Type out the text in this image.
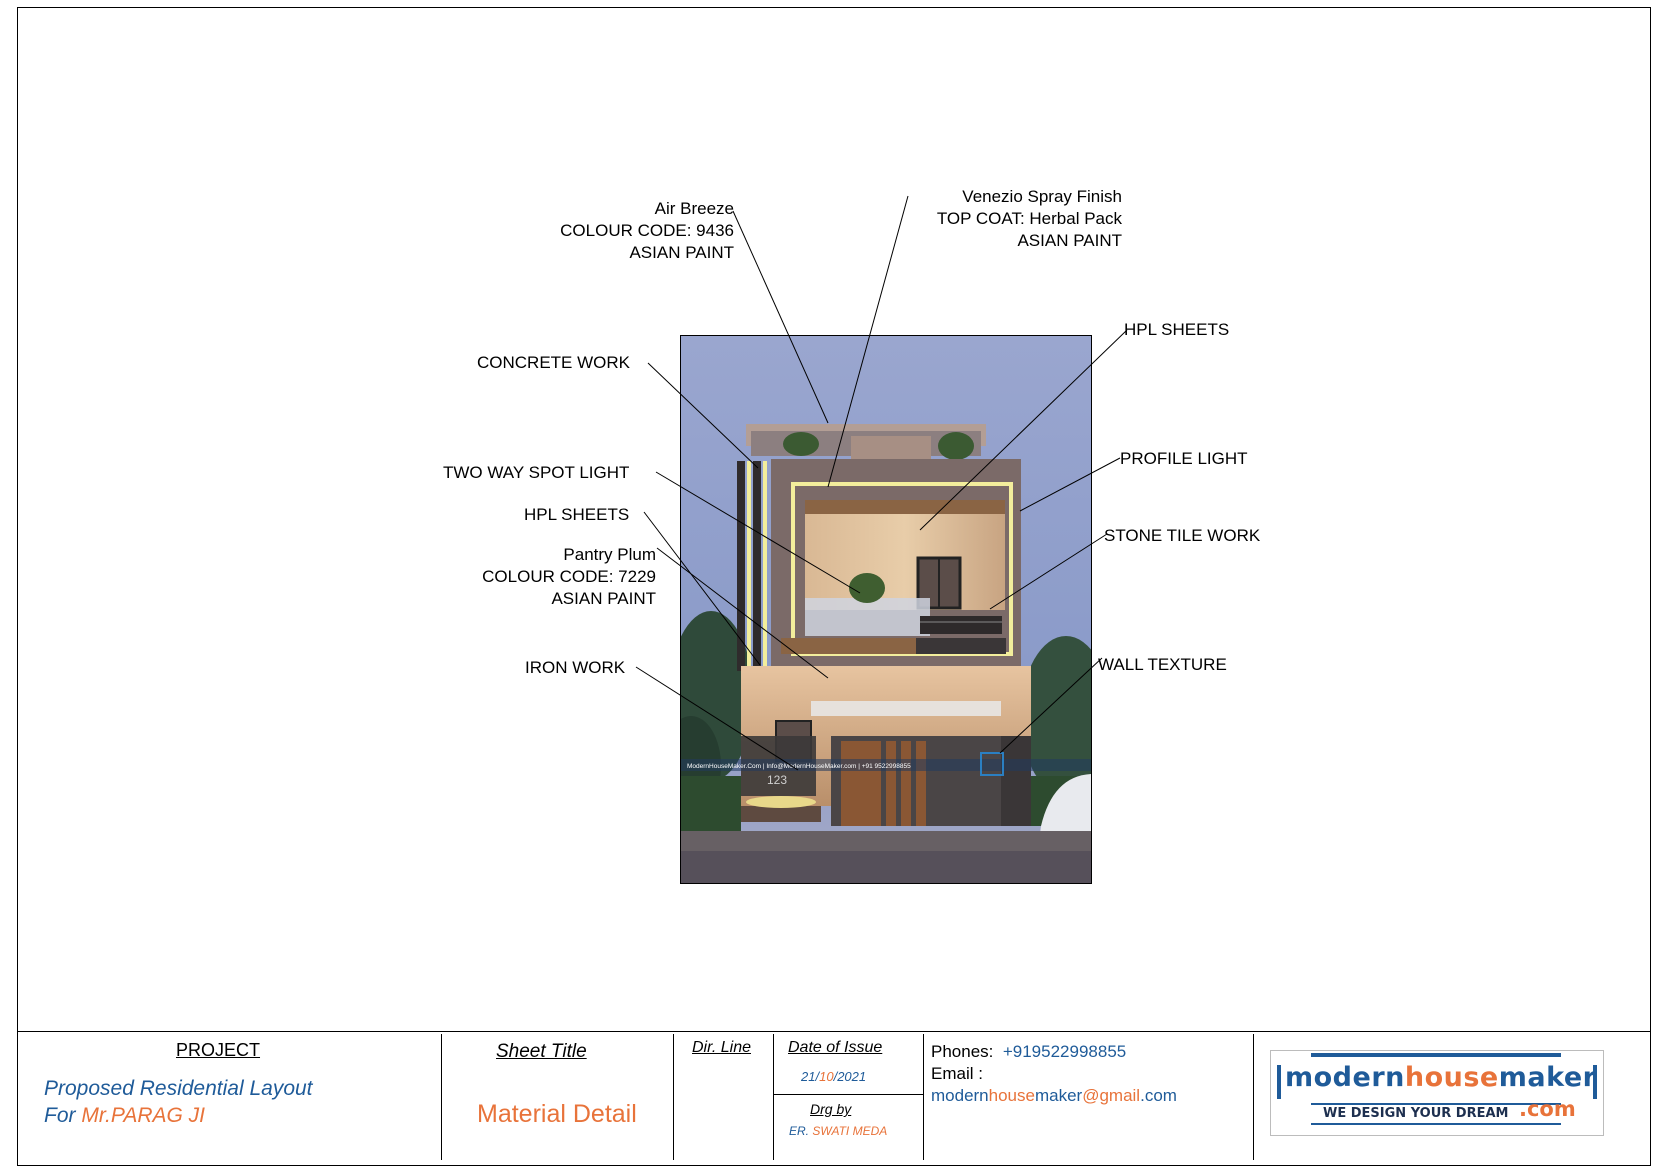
ModernHouseMaker.Com | Info@ModernHouseMaker.com | +91 9522998855
123
Air Breeze
COLOUR CODE: 9436
ASIAN PAINT
Venezio Spray Finish
TOP COAT: Herbal Pack
ASIAN PAINT
CONCRETE WORK
HPL SHEETS
TWO WAY SPOT LIGHT
PROFILE LIGHT
HPL SHEETS
STONE TILE WORK
Pantry Plum
COLOUR CODE: 7229
ASIAN PAINT
IRON WORK	WALL TEXTURE
PROJECT
Proposed Residential Layout
For Mr.PARAG JI
Sheet Title
Material Detail
Dir. Line Date of Issue
21/10/2021
Drg by
ER. SWATI MEDA
Phones: +919522998855
Email :
modernhousemaker@gmail.com
modernhousemaker
WE DESIGN YOUR DREAM .com
